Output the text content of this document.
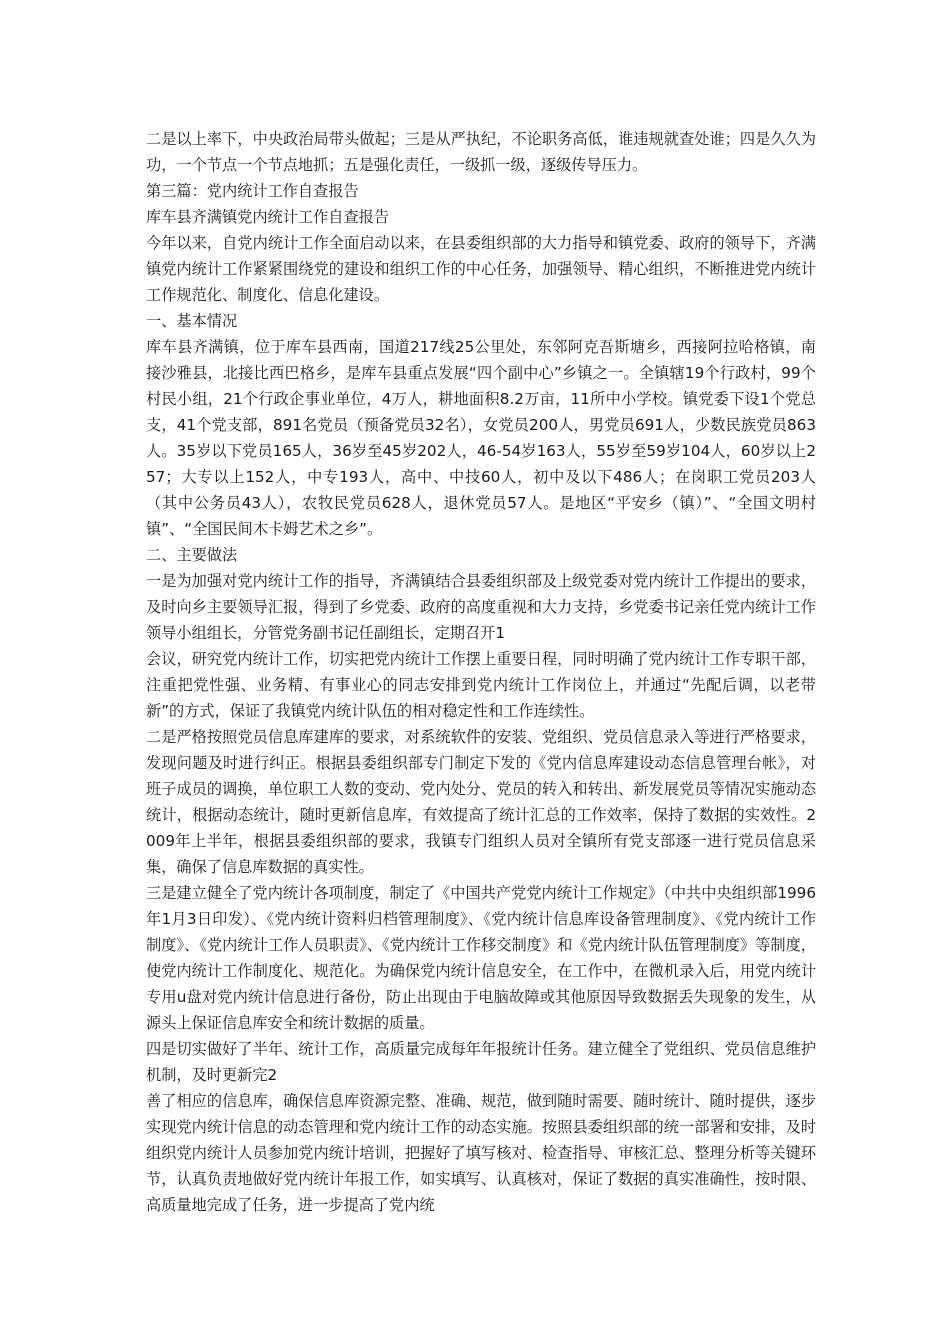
二是以上率下，中央政治局带头做起；三是从严执纪，不论职务高低，谁违规就查处谁；四是久久为功，一个节点一个节点地抓；五是强化责任，一级抓一级，逐级传导压力。

第三篇：党内统计工作自查报告

库车县齐满镇党内统计工作自查报告

今年以来，自党内统计工作全面启动以来，在县委组织部的大力指导和镇党委、政府的领导下，齐满镇党内统计工作紧紧围绕党的建设和组织工作的中心任务，加强领导、精心组织，不断推进党内统计工作规范化、制度化、信息化建设。

一、基本情况

库车县齐满镇，位于库车县西南，国道217线25公里处，东邻阿克吾斯塘乡，西接阿拉哈格镇，南接沙雅县，北接比西巴格乡，是库车县重点发展“四个副中心”乡镇之一。全镇辖19个行政村，99个村民小组，21个行政企事业单位，4万人，耕地面积8.2万亩，11所中小学校。镇党委下设1个党总支，41个党支部，891名党员（预备党员32名），女党员200人，男党员691人，少数民族党员863人。35岁以下党员165人，36岁至45岁202人，46-54岁163人，55岁至59岁104人，60岁以上257；大专以上152人，中专193人，高中、中技60人，初中及以下486人；在岗职工党员203人（其中公务员43人），农牧民党员628人，退休党员57人。是地区“平安乡（镇）”、“全国文明村镇”、“全国民间木卡姆艺术之乡”。

二、主要做法

一是为加强对党内统计工作的指导，齐满镇结合县委组织部及上级党委对党内统计工作提出的要求，及时向乡主要领导汇报，得到了乡党委、政府的高度重视和大力支持，乡党委书记亲任党内统计工作领导小组组长，分管党务副书记任副组长，定期召开1

会议，研究党内统计工作，切实把党内统计工作摆上重要日程，同时明确了党内统计工作专职干部，注重把党性强、业务精、有事业心的同志安排到党内统计工作岗位上，并通过“先配后调，以老带新”的方式，保证了我镇党内统计队伍的相对稳定性和工作连续性。

二是严格按照党员信息库建库的要求，对系统软件的安装、党组织、党员信息录入等进行严格要求，发现问题及时进行纠正。根据县委组织部专门制定下发的《党内信息库建设动态信息管理台帐》，对班子成员的调换，单位职工人数的变动、党内处分、党员的转入和转出、新发展党员等情况实施动态统计，根据动态统计，随时更新信息库，有效提高了统计汇总的工作效率，保持了数据的实效性。2009年上半年，根据县委组织部的要求，我镇专门组织人员对全镇所有党支部逐一进行党员信息采集，确保了信息库数据的真实性。

三是建立健全了党内统计各项制度，制定了《中国共产党党内统计工作规定》（中共中央组织部1996年1月3日印发）、《党内统计资料归档管理制度》、《党内统计信息库设备管理制度》、《党内统计工作制度》、《党内统计工作人员职责》、《党内统计工作移交制度》和《党内统计队伍管理制度》等制度，使党内统计工作制度化、规范化。为确保党内统计信息安全，在工作中，在微机录入后，用党内统计专用u盘对党内统计信息进行备份，防止出现由于电脑故障或其他原因导致数据丢失现象的发生，从源头上保证信息库安全和统计数据的质量。

四是切实做好了半年、统计工作，高质量完成每年年报统计任务。建立健全了党组织、党员信息维护机制，及时更新完2

善了相应的信息库，确保信息库资源完整、准确、规范，做到随时需要、随时统计、随时提供，逐步实现党内统计信息的动态管理和党内统计工作的动态实施。按照县委组织部的统一部署和安排，及时组织党内统计人员参加党内统计培训，把握好了填写核对、检查指导、审核汇总、整理分析等关键环节，认真负责地做好党内统计年报工作，如实填写、认真核对，保证了数据的真实准确性，按时限、高质量地完成了任务，进一步提高了党内统
